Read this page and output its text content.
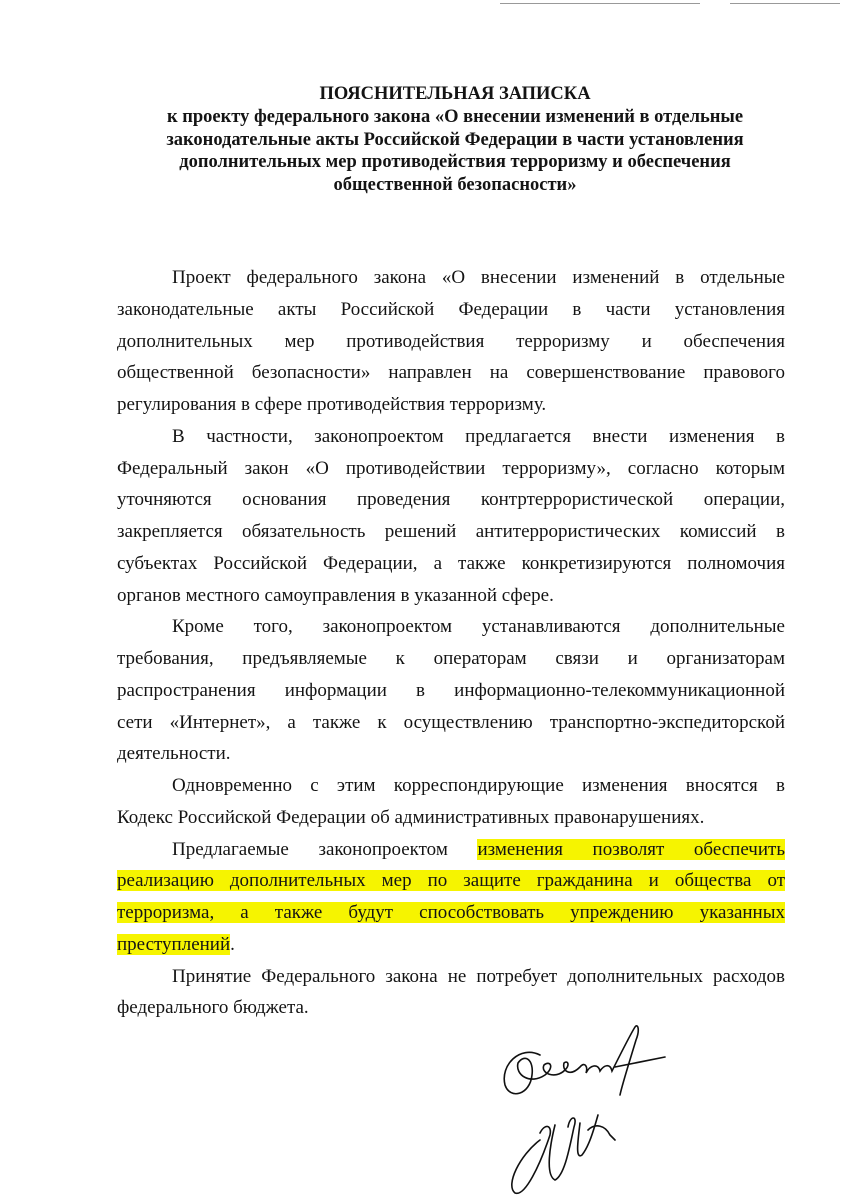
ПОЯСНИТЕЛЬНАЯ ЗАПИСКА
к проекту федерального закона «О внесении изменений в отдельные
законодательные акты Российской Федерации в части установления
дополнительных мер противодействия терроризму и обеспечения
общественной безопасности»
Проект федерального закона «О внесении изменений в отдельные
законодательные акты Российской Федерации в части установления
дополнительных мер противодействия терроризму и обеспечения
общественной безопасности» направлен на совершенствование правового
регулирования в сфере противодействия терроризму.
В частности, законопроектом предлагается внести изменения в
Федеральный закон «О противодействии терроризму», согласно которым
уточняются основания проведения контртеррористической операции,
закрепляется обязательность решений антитеррористических комиссий в
субъектах Российской Федерации, а также конкретизируются полномочия
органов местного самоуправления в указанной сфере.
Кроме того, законопроектом устанавливаются дополнительные
требования, предъявляемые к операторам связи и организаторам
распространения информации в информационно-телекоммуникационной
сети «Интернет», а также к осуществлению транспортно-экспедиторской
деятельности.
Одновременно с этим корреспондирующие изменения вносятся в
Кодекс Российской Федерации об административных правонарушениях.
Предлагаемые законопроектом изменения позволят обеспечить
реализацию дополнительных мер по защите гражданина и общества от
терроризма, а также будут способствовать упреждению указанных
преступлений.
Принятие Федерального закона не потребует дополнительных расходов
федерального бюджета.
